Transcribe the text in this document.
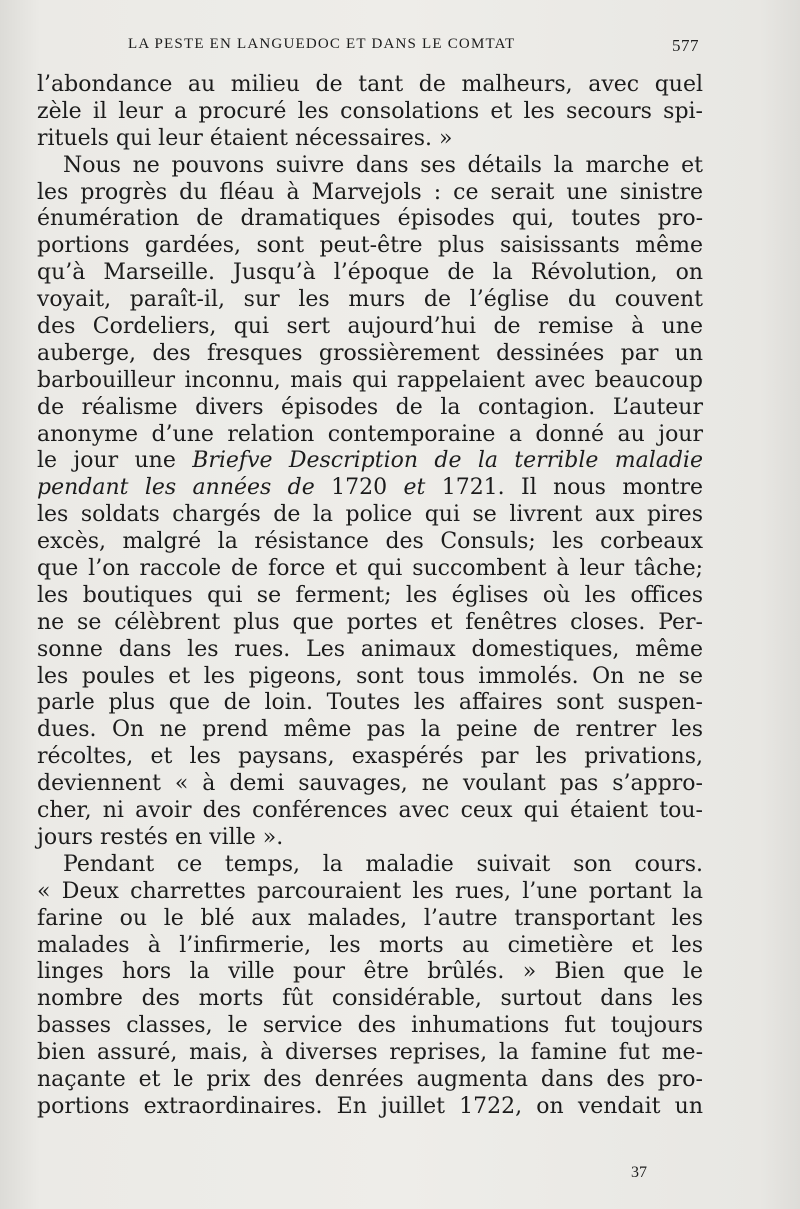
LA PESTE EN LANGUEDOC ET DANS LE COMTAT	577
l’abondance au milieu de tant de malheurs, avec quel
zèle il leur a procuré les consolations et les secours spi-
rituels qui leur étaient nécessaires. »
Nous ne pouvons suivre dans ses détails la marche et
les progrès du fléau à Marvejols : ce serait une sinistre
énumération de dramatiques épisodes qui, toutes pro-
portions gardées, sont peut-être plus saisissants même
qu’à Marseille. Jusqu’à l’époque de la Révolution, on
voyait, paraît-il, sur les murs de l’église du couvent
des Cordeliers, qui sert aujourd’hui de remise à une
auberge, des fresques grossièrement dessinées par un
barbouilleur inconnu, mais qui rappelaient avec beaucoup
de réalisme divers épisodes de la contagion. L’auteur
anonyme d’une relation contemporaine a donné au jour
le jour une Briefve Description de la terrible maladie
pendant les années de 1720 et 1721. Il nous montre
les soldats chargés de la police qui se livrent aux pires
excès, malgré la résistance des Consuls; les corbeaux
que l’on raccole de force et qui succombent à leur tâche;
les boutiques qui se ferment; les églises où les offices
ne se célèbrent plus que portes et fenêtres closes. Per-
sonne dans les rues. Les animaux domestiques, même
les poules et les pigeons, sont tous immolés. On ne se
parle plus que de loin. Toutes les affaires sont suspen-
dues. On ne prend même pas la peine de rentrer les
récoltes, et les paysans, exaspérés par les privations,
deviennent « à demi sauvages, ne voulant pas s’appro-
cher, ni avoir des conférences avec ceux qui étaient tou-
jours restés en ville ».
Pendant ce temps, la maladie suivait son cours.
« Deux charrettes parcouraient les rues, l’une portant la
farine ou le blé aux malades, l’autre transportant les
malades à l’infirmerie, les morts au cimetière et les
linges hors la ville pour être brûlés. » Bien que le
nombre des morts fût considérable, surtout dans les
basses classes, le service des inhumations fut toujours
bien assuré, mais, à diverses reprises, la famine fut me-
naçante et le prix des denrées augmenta dans des pro-
portions extraordinaires. En juillet 1722, on vendait un
37
